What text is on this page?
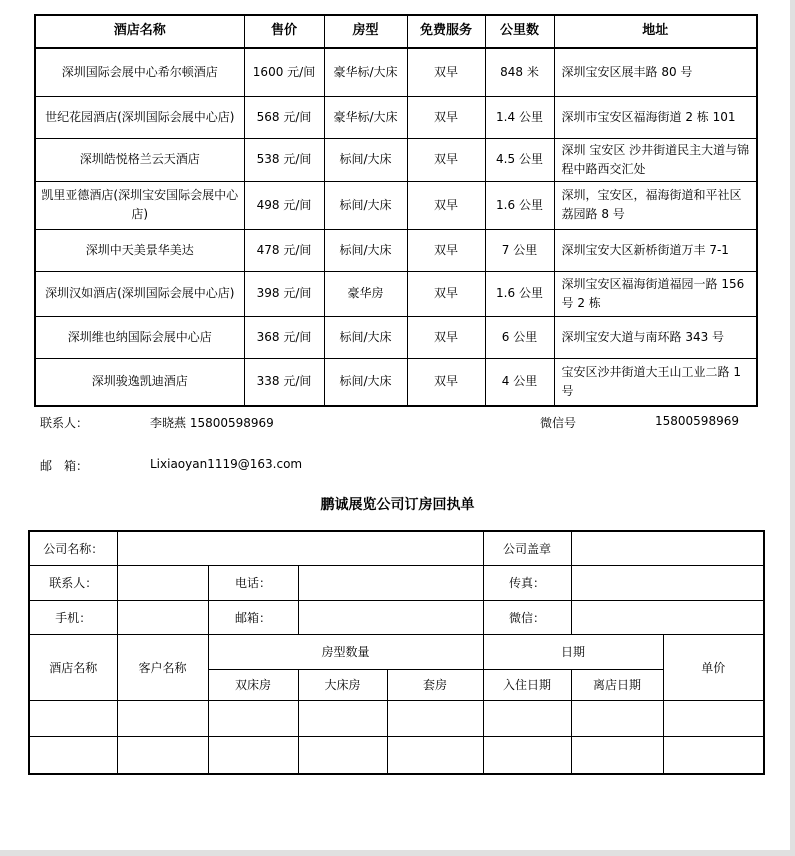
酒店名称	售价	房型	免费服务	公里数	地址
深圳国际会展中心希尔顿酒店	1600 元/间	豪华标/大床	双早	848 米	深圳宝安区展丰路 80 号
世纪花园酒店(深圳国际会展中心店)	568 元/间	豪华标/大床	双早	1.4 公里	深圳市宝安区福海街道 2 栋 101
深圳皓悦格兰云天酒店	538 元/间	标间/大床	双早	4.5 公里	深圳 宝安区 沙井街道民主大道与锦程中路西交汇处
凯里亚德酒店(深圳宝安国际会展中心店)	498 元/间	标间/大床	双早	1.6 公里	深圳，宝安区，福海街道和平社区荔园路 8 号
深圳中天美景华美达	478 元/间	标间/大床	双早	7 公里	深圳宝安大区新桥街道万丰 7-1
深圳汉如酒店(深圳国际会展中心店)	398 元/间	豪华房	双早	1.6 公里	深圳宝安区福海街道福园一路 156 号 2 栋
深圳维也纳国际会展中心店	368 元/间	标间/大床	双早	6 公里	深圳宝安大道与南环路 343 号
深圳骏逸凯迪酒店	338 元/间	标间/大床	双早	4 公里	宝安区沙井街道大王山工业二路 1 号
联系人：	李晓燕 15800598969	微信号	15800598969
邮　箱：	Lixiaoyan1119@163.com
鹏诚展览公司订房回执单
公司名称：					公司盖章		
联系人：		电话：			传真：		
手机：		邮箱：			微信：		
酒店名称	客户名称	房型数量			日期		单价
		双床房	大床房	套房	入住日期	离店日期	
